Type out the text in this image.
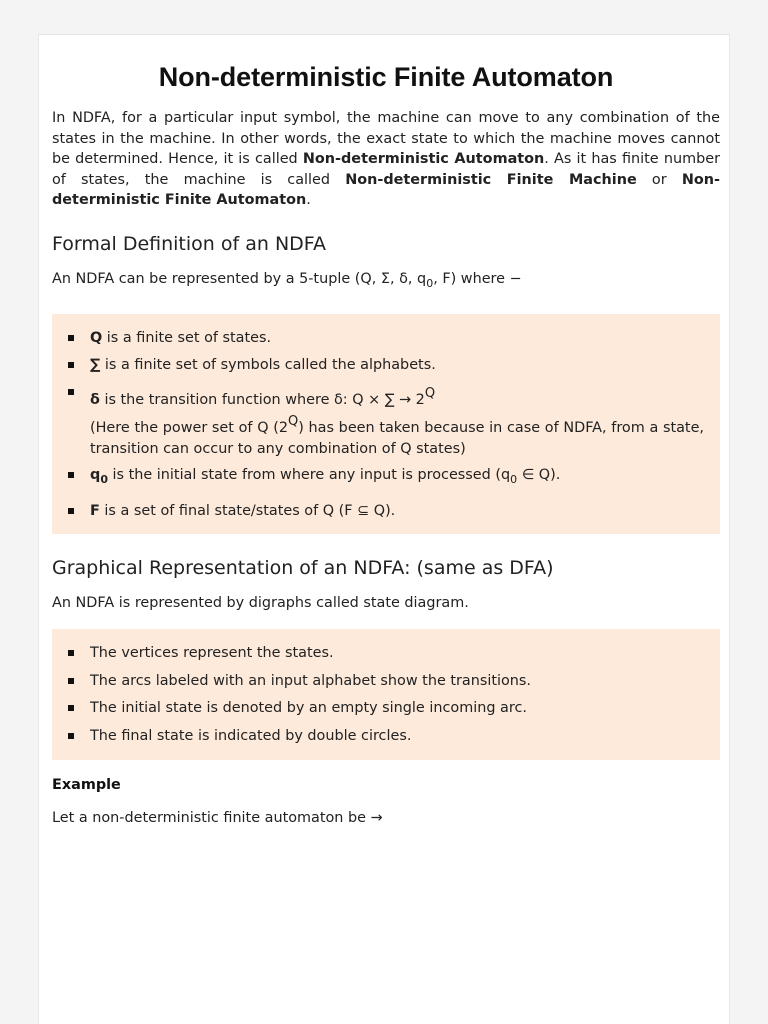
Non-deterministic Finite Automaton

In NDFA, for a particular input symbol, the machine can move to any combination of the states in the machine. In other words, the exact state to which the machine moves cannot be determined. Hence, it is called Non-deterministic Automaton. As it has finite number of states, the machine is called Non-deterministic Finite Machine or Non-deterministic Finite Automaton.

Formal Definition of an NDFA

An NDFA can be represented by a 5-tuple (Q, Σ, δ, $q_0$, F) where −

Q is a finite set of states.
∑ is a finite set of symbols called the alphabets.
δ is the transition function where δ: Q × ∑ → $2^Q$
(Here the power set of Q $(2^Q)$ has been taken because in case of NDFA, from a state, transition can occur to any combination of Q states)
$q_0$ is the initial state from where any input is processed ($q_0$ ∈ Q).
F is a set of final state/states of Q (F ⊆ Q).
Graphical Representation of an NDFA: (same as DFA)

An NDFA is represented by digraphs called state diagram.

The vertices represent the states.
The arcs labeled with an input alphabet show the transitions.
The initial state is denoted by an empty single incoming arc.
The final state is indicated by double circles.

Example

Let a non-deterministic finite automaton be →
